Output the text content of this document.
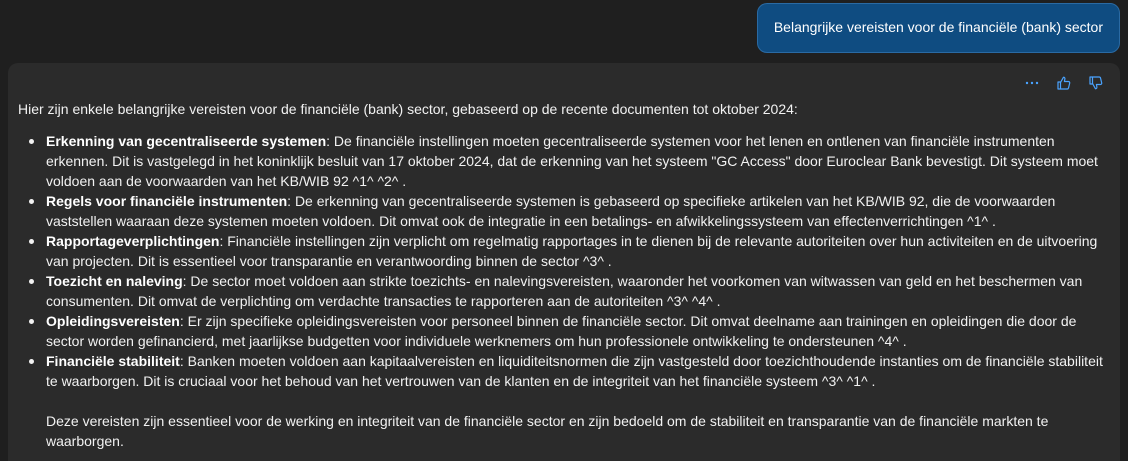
Belangrijke vereisten voor de financiële (bank) sector

Hier zijn enkele belangrijke vereisten voor de financiële (bank) sector, gebaseerd op de recente documenten tot oktober 2024:

Erkenning van gecentraliseerde systemen: De financiële instellingen moeten gecentraliseerde systemen voor het lenen en ontlenen van financiële instrumenten erkennen. Dit is vastgelegd in het koninklijk besluit van 17 oktober 2024, dat de erkenning van het systeem "GC Access" door Euroclear Bank bevestigt. Dit systeem moet voldoen aan de voorwaarden van het KB/WIB 92 ^1^ ^2^ .
Regels voor financiële instrumenten: De erkenning van gecentraliseerde systemen is gebaseerd op specifieke artikelen van het KB/WIB 92, die de voorwaarden vaststellen waaraan deze systemen moeten voldoen. Dit omvat ook de integratie in een betalings- en afwikkelingssysteem van effectenverrichtingen ^1^ .
Rapportageverplichtingen: Financiële instellingen zijn verplicht om regelmatig rapportages in te dienen bij de relevante autoriteiten over hun activiteiten en de uitvoering van projecten. Dit is essentieel voor transparantie en verantwoording binnen de sector ^3^ .
Toezicht en naleving: De sector moet voldoen aan strikte toezichts- en nalevingsvereisten, waaronder het voorkomen van witwassen van geld en het beschermen van consumenten. Dit omvat de verplichting om verdachte transacties te rapporteren aan de autoriteiten ^3^ ^4^ .
Opleidingsvereisten: Er zijn specifieke opleidingsvereisten voor personeel binnen de financiële sector. Dit omvat deelname aan trainingen en opleidingen die door de sector worden gefinancierd, met jaarlijkse budgetten voor individuele werknemers om hun professionele ontwikkeling te ondersteunen ^4^ .
Financiële stabiliteit: Banken moeten voldoen aan kapitaalvereisten en liquiditeitsnormen die zijn vastgesteld door toezichthoudende instanties om de financiële stabiliteit te waarborgen. Dit is cruciaal voor het behoud van het vertrouwen van de klanten en de integriteit van het financiële systeem ^3^ ^1^ .

Deze vereisten zijn essentieel voor de werking en integriteit van de financiële sector en zijn bedoeld om de stabiliteit en transparantie van de financiële markten te waarborgen.
